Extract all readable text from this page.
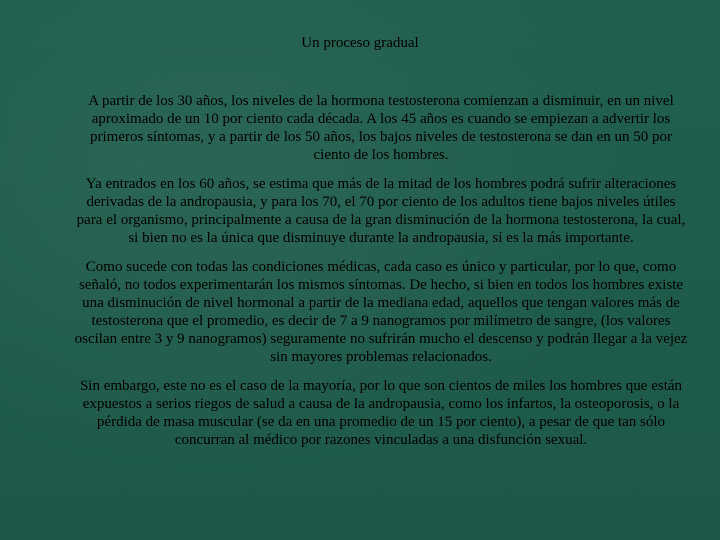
Un proceso gradual

A partir de los 30 años, los niveles de la hormona testosterona comienzan a disminuir, en un nivel aproximado de un 10 por ciento cada década. A los 45 años es cuando se empiezan a advertir los primeros síntomas, y a partir de los 50 años, los bajos niveles de testosterona se dan en un 50 por ciento de los hombres.

Ya entrados en los 60 años, se estima que más de la mitad de los hombres podrá sufrir alteraciones derivadas de la andropausia, y para los 70, el 70 por ciento de los adultos tiene bajos niveles útiles para el organismo, principalmente a causa de la gran disminución de la hormona testosterona, la cual, si bien no es la única que disminuye durante la andropausia, sí es la más importante.

Como sucede con todas las condiciones médicas, cada caso es único y particular, por lo que, como señaló, no todos experimentarán los mismos síntomas. De hecho, si bien en todos los hombres existe una disminución de nivel hormonal a partir de la mediana edad, aquellos que tengan valores más de testosterona que el promedio, es decir de 7 a 9 nanogramos por milímetro de sangre, (los valores oscilan entre 3 y 9 nanogramos) seguramente no sufrirán mucho el descenso y podrán llegar a la vejez sin mayores problemas relacionados.

Sin embargo, este no es el caso de la mayoría, por lo que son cientos de miles los hombres que están expuestos a serios riegos de salud a causa de la andropausia, como los infartos, la osteoporosis, o la pérdida de masa muscular (se da en una promedio de un 15 por ciento), a pesar de que tan sólo concurran al médico por razones vinculadas a una disfunción sexual.
